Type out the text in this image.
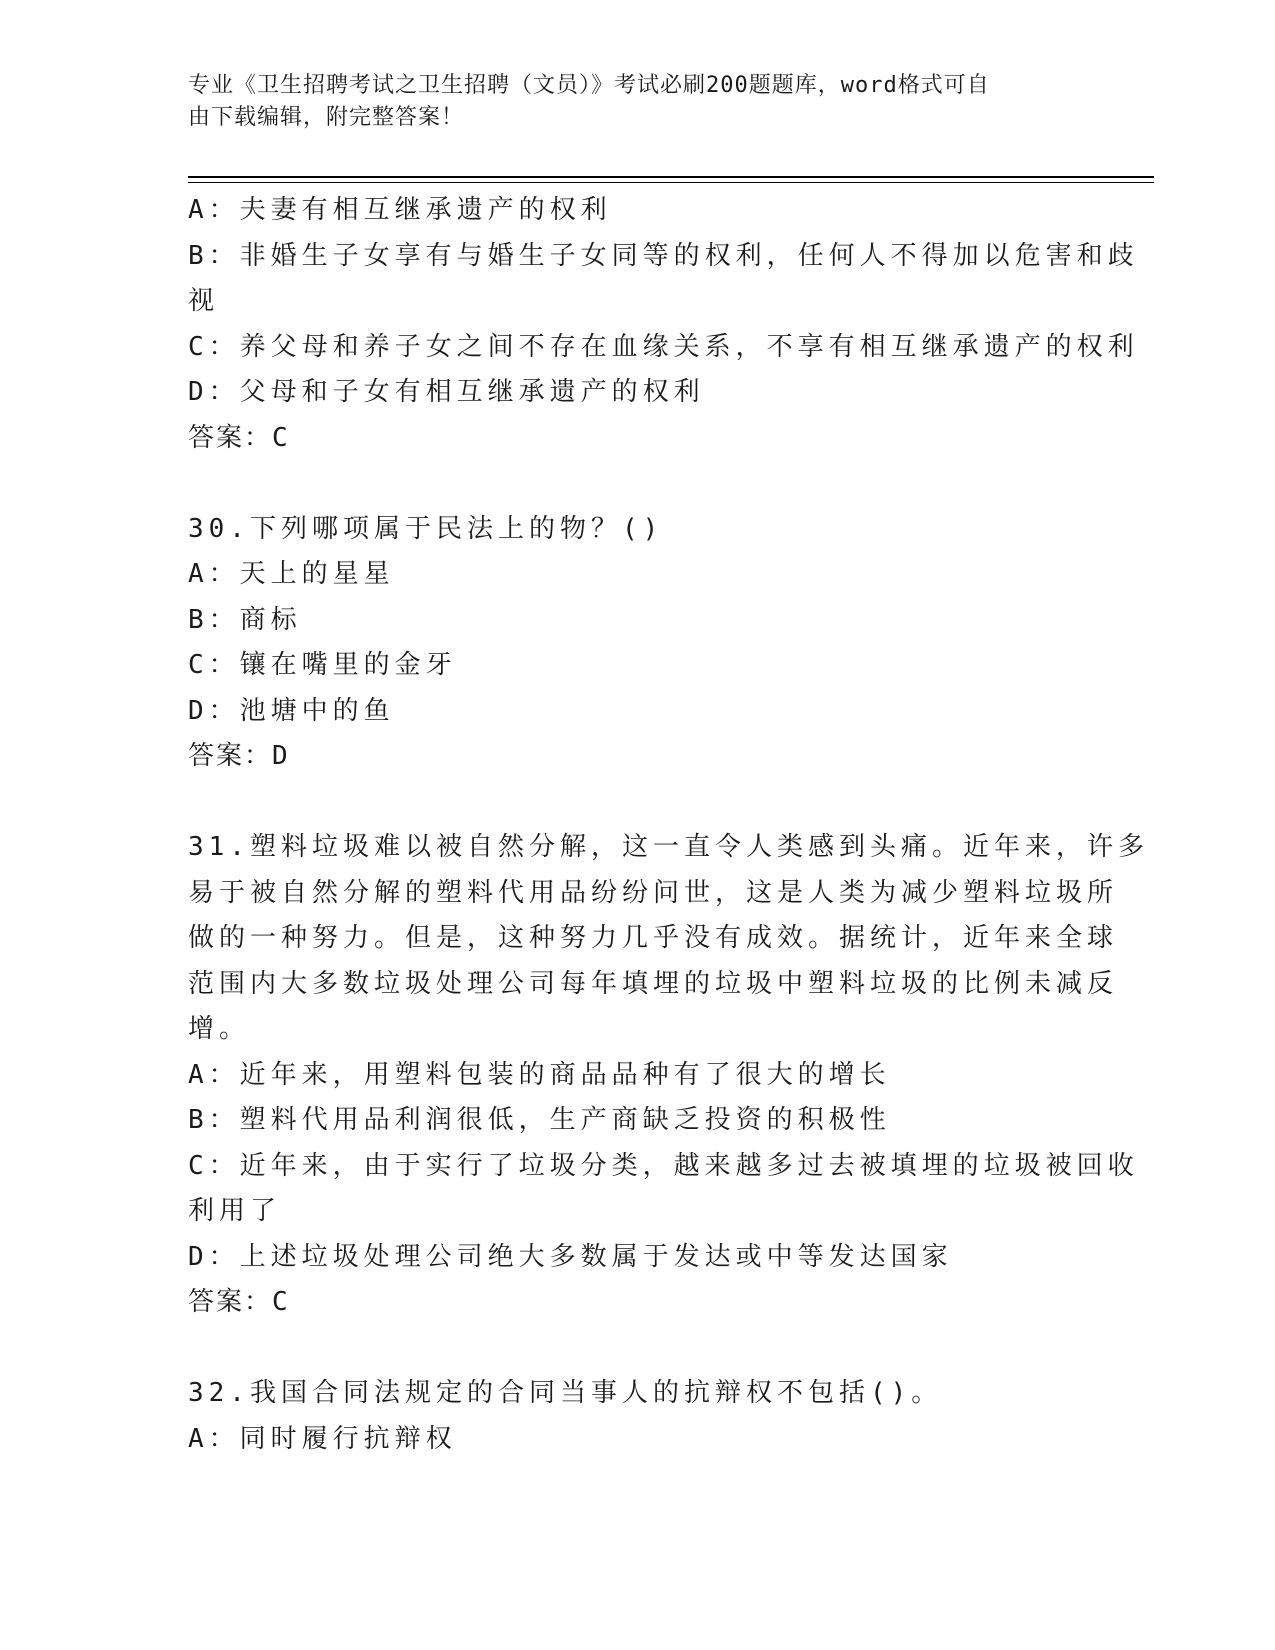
专业《卫生招聘考试之卫生招聘（文员）》考试必刷200题题库，word格式可自
由下载编辑，附完整答案！
A：夫妻有相互继承遗产的权利
B：非婚生子女享有与婚生子女同等的权利，任何人不得加以危害和歧
视
C：养父母和养子女之间不存在血缘关系，不享有相互继承遗产的权利
D：父母和子女有相互继承遗产的权利
答案：C
30.下列哪项属于民法上的物？()
A：天上的星星
B：商标
C：镶在嘴里的金牙
D：池塘中的鱼
答案：D
31.塑料垃圾难以被自然分解，这一直令人类感到头痛。近年来，许多
易于被自然分解的塑料代用品纷纷问世，这是人类为减少塑料垃圾所
做的一种努力。但是，这种努力几乎没有成效。据统计，近年来全球
范围内大多数垃圾处理公司每年填埋的垃圾中塑料垃圾的比例未减反
增。
A：近年来，用塑料包装的商品品种有了很大的增长
B：塑料代用品利润很低，生产商缺乏投资的积极性
C：近年来，由于实行了垃圾分类，越来越多过去被填埋的垃圾被回收
利用了
D：上述垃圾处理公司绝大多数属于发达或中等发达国家
答案：C
32.我国合同法规定的合同当事人的抗辩权不包括()。
A：同时履行抗辩权
